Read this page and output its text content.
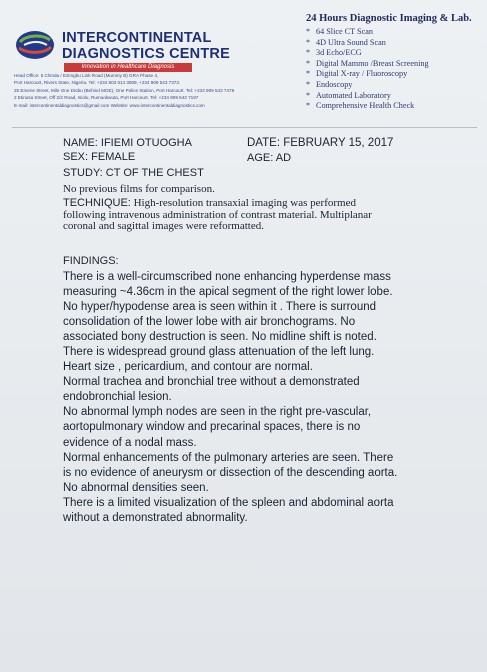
INTERCONTINENTAL
DIAGNOSTICS CENTRE
Innovation in Healthcare Diagnosis
Head Office: 5 Chinda / Ezimgbu Link Road (Mummy B) GRA Phase 4,
Port Harcourt, Rivers State, Nigeria. Tel: +234 803 614 3609, +234 909 543 7373.
25 Emene Street, Mile One Diobu (Behind MOE), One Police Station, Port Harcourt. Tel: +234 909 543 7479
2 Etinosa Street, Off 2/2 Road, Isiolu, Rumuokwuta, Port Harcourt. Tel: +234 909 543 7187
E-mail: intercontinentaldiagnostics@gmail.com Website: www.intercontinentaldiagnostics.com
24 Hours Diagnostic Imaging & Lab.
* 64 Slice CT Scan
* 4D Ultra Sound Scan
* 3d Echo/ECG
* Digital Mammo /Breast Screening
* Digital X-ray / Fluoroscopy
* Endoscopy
* Automated Laboratory
* Comprehensive Health Check
NAME: IFIEMI OTUOGHA	DATE: FEBRUARY 15, 2017
SEX: FEMALE	AGE: AD
STUDY: CT OF THE CHEST
No previous films for comparison.
TECHNIQUE: High-resolution transaxial imaging was performed
following intravenous administration of contrast material. Multiplanar
coronal and sagittal images were reformatted.
FINDINGS:
There is a well-circumscribed none enhancing hyperdense mass
measuring ~4.36cm in the apical segment of the right lower lobe.
No hyper/hypodense area is seen within it . There is surround
consolidation of the lower lobe with air bronchograms. No
associated bony destruction is seen. No midline shift is noted.
There is widespread ground glass attenuation of the left lung.
Heart size , pericardium, and contour are normal.
Normal trachea and bronchial tree without a demonstrated
endobronchial lesion.
No abnormal lymph nodes are seen in the right pre-vascular,
aortopulmonary window and precarinal spaces, there is no
evidence of a nodal mass.
Normal enhancements of the pulmonary arteries are seen. There
is no evidence of aneurysm or dissection of the descending aorta.
No abnormal densities seen.
There is a limited visualization of the spleen and abdominal aorta
without a demonstrated abnormality.
